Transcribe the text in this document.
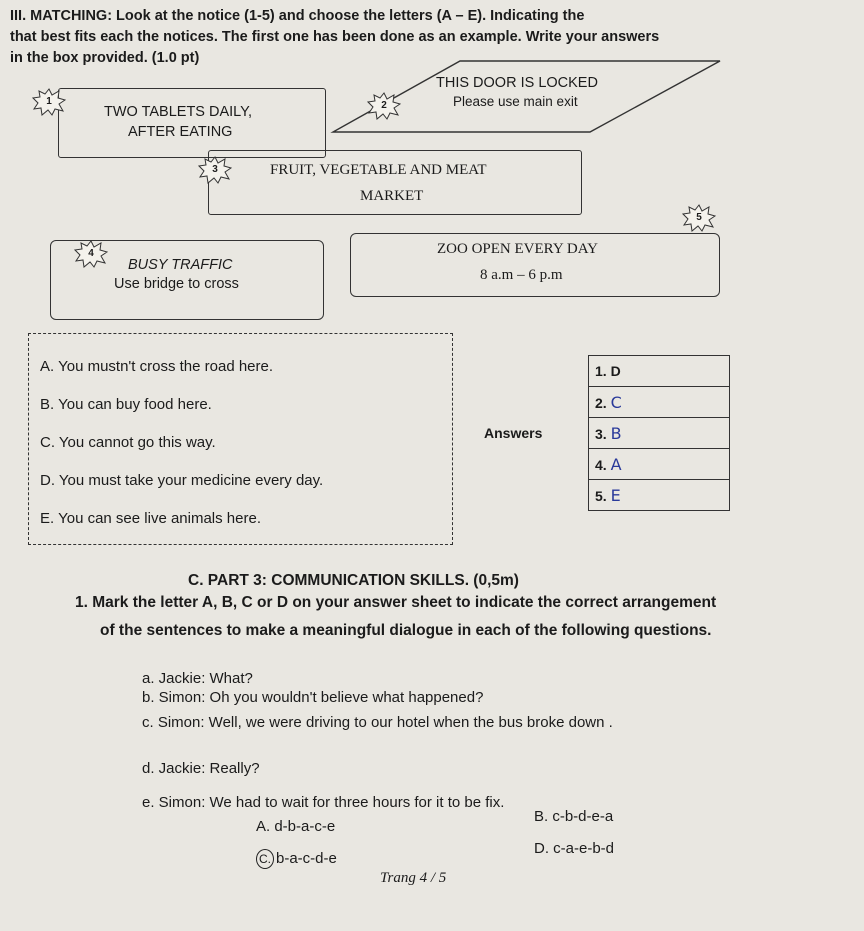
III. MATCHING: Look at the notice (1-5) and choose the letters (A – E). Indicating the
that best fits each the notices. The first one has been done as an example. Write your answers
in the box provided. (1.0 pt)
1
TWO TABLETS DAILY,
AFTER EATING
2
THIS DOOR IS LOCKED
Please use main exit
3	FRUIT, VEGETABLE AND MEAT
MARKET
4
BUSY TRAFFIC
Use bridge to cross
5
ZOO OPEN EVERY DAY
8 a.m – 6 p.m
A. You mustn't cross the road here.
B. You can buy food here.
C. You cannot go this way.
D. You must take your medicine every day.
E. You can see live animals here.
Answers	1. D
2. C
3. B
4. A
5. E
C. PART 3: COMMUNICATION SKILLS. (0,5m)
1. Mark the letter A, B, C or D on your answer sheet to indicate the correct arrangement
of the sentences to make a meaningful dialogue in each of the following questions.
a. Jackie: What?
b. Simon: Oh you wouldn't believe what happened?
c. Simon: Well, we were driving to our hotel when the bus broke down .
d. Jackie: Really?
e. Simon: We had to wait for three hours for it to be fix.
A. d-b-a-c-e
B. c-b-d-e-a
C. b-a-c-d-e
D. c-a-e-b-d
Trang 4 / 5
